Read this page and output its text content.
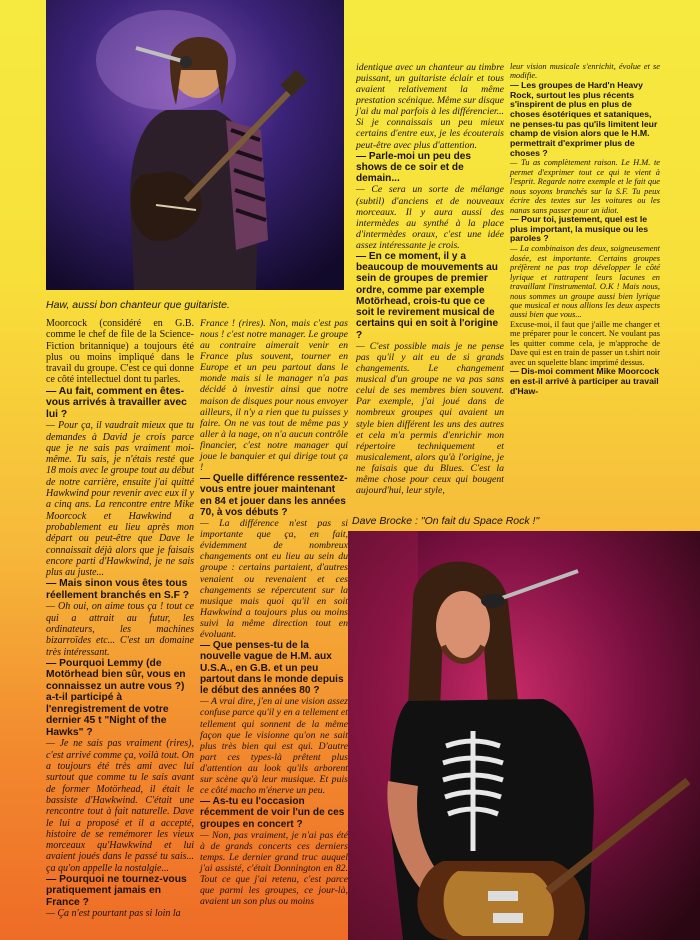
Haw, aussi bon chanteur que guitariste.
Dave Brocke : "On fait du Space Rock !"

Moorcock (considéré en G.B. comme le chef de file de la Science-Fiction britannique) a toujours été plus ou moins impliqué dans le travail du groupe. C'est ce qui donne ce côté intellectuel dont tu parles.

— Au fait, comment en êtes-vous arrivés à travailler avec lui ?

— Pour ça, il vaudrait mieux que tu demandes à David je crois parce que je ne sais pas vraiment moi-même. Tu sais, je n'étais resté que 18 mois avec le groupe tout au début de notre carrière, ensuite j'ai quitté Hawkwind pour revenir avec eux il y a cinq ans. La rencontre entre Mike Moorcock et Hawkwind a probablement eu lieu après mon départ ou peut-être que Dave le connaissait déjà alors que je faisais encore parti d'Hawkwind, je ne sais plus au juste...

— Mais sinon vous êtes tous réellement branchés en S.F ?

— Oh oui, on aime tous ça ! tout ce qui a attrait au futur, les ordinateurs, les machines bizarroïdes etc... C'est un domaine très intéressant.

— Pourquoi Lemmy (de Motörhead bien sûr, vous en connaissez un autre vous ?) a-t-il participé à l'enregistrement de votre dernier 45 t "Night of the Hawks" ?

— Je ne sais pas vraiment (rires), c'est arrivé comme ça, voilà tout. On a toujours été très ami avec lui surtout que comme tu le sais avant de former Motörhead, il était le bassiste d'Hawkwind. C'était une rencontre tout à fait naturelle. Dave le lui a proposé et il a accepté, histoire de se remémorer les vieux morceaux qu'Hawkwind et lui avaient joués dans le passé tu sais... ça qu'on appelle la nostalgie...

— Pourquoi ne tournez-vous pratiquement jamais en France ?

— Ça n'est pourtant pas si loin la

France ! (rires). Non, mais c'est pas nous ! c'est notre manager. Le groupe au contraire aimerait venir en France plus souvent, tourner en Europe et un peu partout dans le monde mais si le manager n'a pas décidé à investir ainsi que notre maison de disques pour nous envoyer ailleurs, il n'y a rien que tu puisses y faire. On ne vas tout de même pas y aller à la nage, on n'a aucun contrôle financier, c'est notre manager qui joue le banquier et qui dirige tout ça !

— Quelle différence ressentez-vous entre jouer maintenant en 84 et jouer dans les années 70, à vos débuts ?

— La différence n'est pas si importante que ça, en fait, évidemment de nombreux changements ont eu lieu au sein du groupe : certains partaient, d'autres venaient ou revenaient et ces changements se répercutent sur la musique mais quoi qu'il en soit Hawkwind a toujours plus ou moins suivi la même direction tout en évoluant.

— Que penses-tu de la nouvelle vague de H.M. aux U.S.A., en G.B. et un peu partout dans le monde depuis le début des années 80 ?

— A vrai dire, j'en ai une vision assez confuse parce qu'il y en a tellement et tellement qui sonnent de la même façon que le visionne qu'on ne sait plus très bien qui est qui. D'autre part ces types-là prêtent plus d'attention au look qu'ils arborent sur scène qu'à leur musique. Et puis ce côté macho m'énerve un peu.

— As-tu eu l'occasion récemment de voir l'un de ces groupes en concert ?

— Non, pas vraiment, je n'ai pas été à de grands concerts ces derniers temps. Le dernier grand truc auquel j'ai assisté, c'était Donnington en 82. Tout ce que j'ai retenu, c'est parce que parmi les groupes, ce jour-là, avaient un son plus ou moins

identique avec un chanteur au timbre puissant, un guitariste éclair et tous avaient relativement la même prestation scénique. Même sur disque j'ai du mal parfois à les différencier... Si je connaissais un peu mieux certains d'entre eux, je les écouterais peut-être avec plus d'attention.

— Parle-moi un peu des shows de ce soir et de demain...

— Ce sera un sorte de mélange (subtil) d'anciens et de nouveaux morceaux. Il y aura aussi des intermèdes au synthé à la place d'intermèdes oraux, c'est une idée assez intéressante je crois.

— En ce moment, il y a beaucoup de mouvements au sein de groupes de premier ordre, comme par exemple Motörhead, crois-tu que ce soit le revirement musical de certains qui en soit à l'origine ?

— C'est possible mais je ne pense pas qu'il y ait eu de si grands changements. Le changement musical d'un groupe ne va pas sans celui de ses membres bien souvent. Par exemple, j'ai joué dans de nombreux groupes qui avaient un style bien différent les uns des autres et cela m'a permis d'enrichir mon répertoire techniquement et musicalement, alors qu'à l'origine, je ne faisais que du Blues. C'est la même chose pour ceux qui bougent aujourd'hui, leur style,

leur vision musicale s'enrichit, évolue et se modifie.

— Les groupes de Hard'n Heavy Rock, surtout les plus récents s'inspirent de plus en plus de choses ésotériques et sataniques, ne penses-tu pas qu'ils limitent leur champ de vision alors que le H.M. permettrait d'exprimer plus de choses ?

— Tu as complètement raison. Le H.M. te permet d'exprimer tout ce qui te vient à l'esprit. Regarde notre exemple et le fait que nous soyons branchés sur la S.F. Tu peux écrire des textes sur les voitures ou les nanas sans passer pour un idiot.

— Pour toi, justement, quel est le plus important, la musique ou les paroles ?

— La combinaison des deux, soigneusement dosée, est importante. Certains groupes préfèrent ne pas trop développer le côté lyrique et rattrapent leurs lacunes en travaillant l'instrumental. O.K ! Mais nous, nous sommes un groupe aussi bien lyrique que musical et nous allions les deux aspects aussi bien que vous...

Excuse-moi, il faut que j'aille me changer et me préparer pour le concert. Ne voulant pas les quitter comme cela, je m'approche de Dave qui est en train de passer un t.shirt noir avec un squelette blanc imprimé dessus.

— Dis-moi comment Mike Moorcock en est-il arrivé à participer au travail d'Haw-
